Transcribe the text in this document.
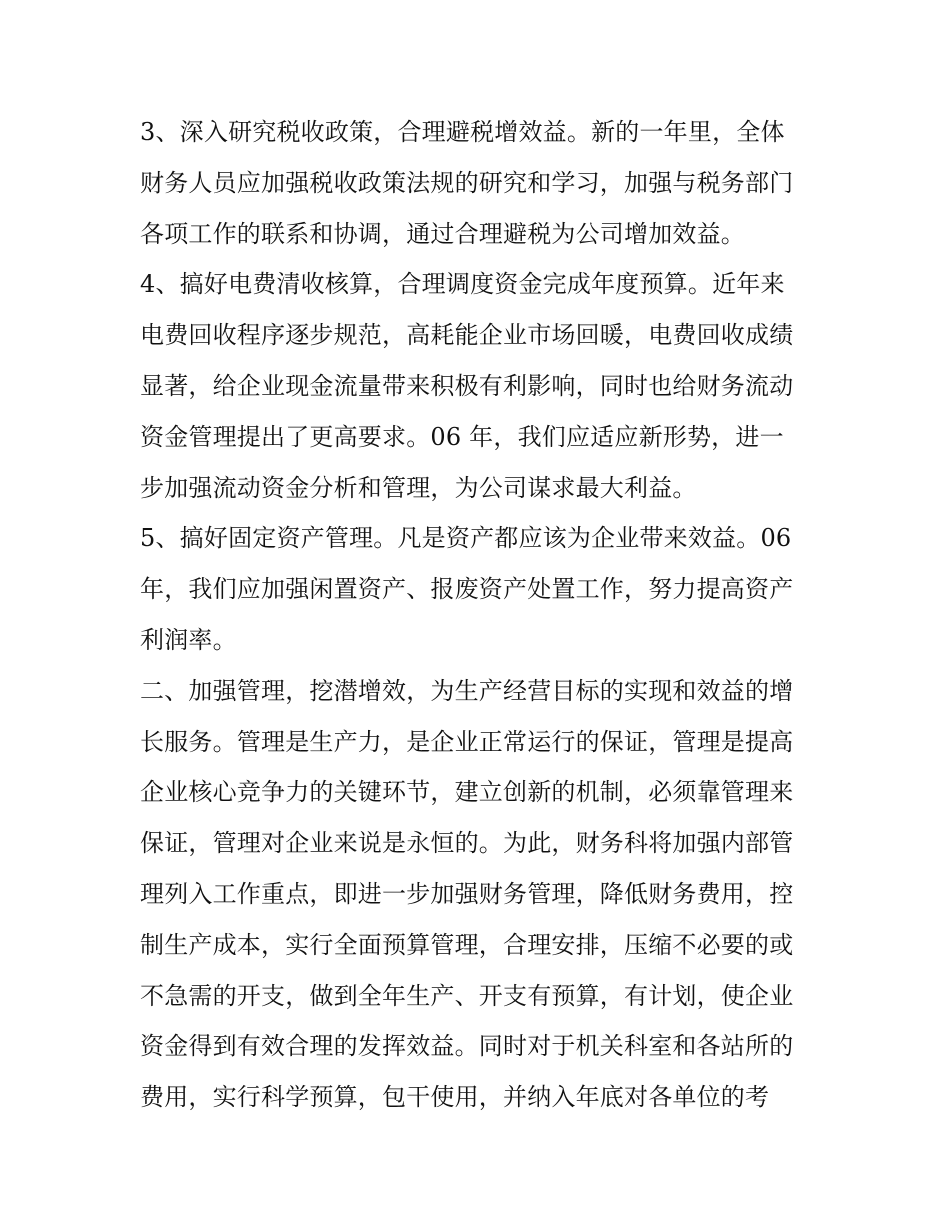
3、深入研究税收政策，合理避税增效益。新的一年里，全体
财务人员应加强税收政策法规的研究和学习，加强与税务部门
各项工作的联系和协调，通过合理避税为公司增加效益。
4、搞好电费清收核算，合理调度资金完成年度预算。近年来
电费回收程序逐步规范，高耗能企业市场回暖，电费回收成绩
显著，给企业现金流量带来积极有利影响，同时也给财务流动
资金管理提出了更高要求。06 年，我们应适应新形势，进一
步加强流动资金分析和管理，为公司谋求最大利益。
5、搞好固定资产管理。凡是资产都应该为企业带来效益。06
年，我们应加强闲置资产、报废资产处置工作，努力提高资产
利润率。
二、加强管理，挖潜增效，为生产经营目标的实现和效益的增
长服务。管理是生产力，是企业正常运行的保证，管理是提高
企业核心竞争力的关键环节，建立创新的机制，必须靠管理来
保证，管理对企业来说是永恒的。为此，财务科将加强内部管
理列入工作重点，即进一步加强财务管理，降低财务费用，控
制生产成本，实行全面预算管理，合理安排，压缩不必要的或
不急需的开支，做到全年生产、开支有预算，有计划，使企业
资金得到有效合理的发挥效益。同时对于机关科室和各站所的
费用，实行科学预算，包干使用，并纳入年底对各单位的考
